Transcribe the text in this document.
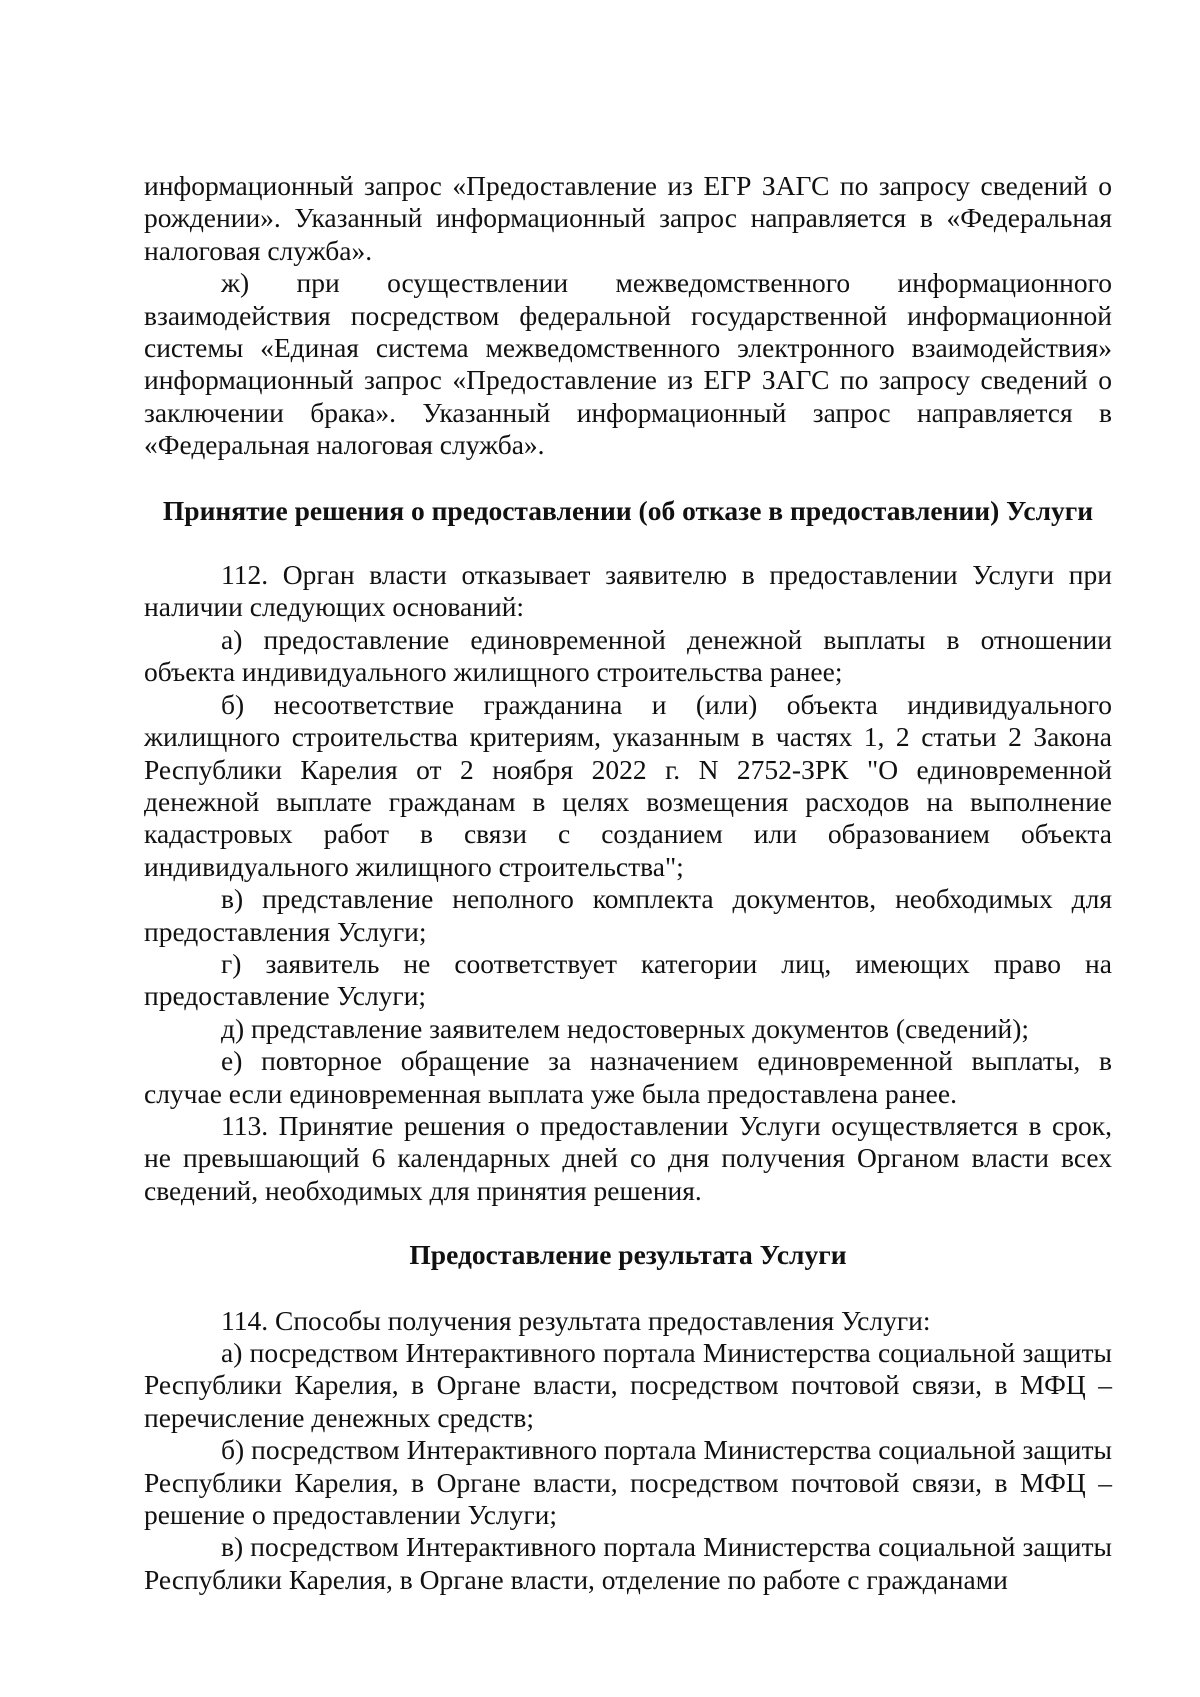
информационный запрос «Предоставление из ЕГР ЗАГС по запросу сведений о рождении». Указанный информационный запрос направляется в «Федеральная налоговая служба».

ж) при осуществлении межведомственного информационного взаимодействия посредством федеральной государственной информационной системы «Единая система межведомственного электронного взаимодействия» информационный запрос «Предоставление из ЕГР ЗАГС по запросу сведений о заключении брака». Указанный информационный запрос направляется в «Федеральная налоговая служба».

Принятие решения о предоставлении (об отказе в предоставлении) Услуги

112. Орган власти отказывает заявителю в предоставлении Услуги при наличии следующих оснований:

а) предоставление единовременной денежной выплаты в отношении объекта индивидуального жилищного строительства ранее;

б) несоответствие гражданина и (или) объекта индивидуального жилищного строительства критериям, указанным в частях 1, 2 статьи 2 Закона Республики Карелия от 2 ноября 2022 г. N 2752-ЗРК "О единовременной денежной выплате гражданам в целях возмещения расходов на выполнение кадастровых работ в связи с созданием или образованием объекта индивидуального жилищного строительства";

в) представление неполного комплекта документов, необходимых для предоставления Услуги;

г) заявитель не соответствует категории лиц, имеющих право на предоставление Услуги;

д) представление заявителем недостоверных документов (сведений);

е) повторное обращение за назначением единовременной выплаты, в случае если единовременная выплата уже была предоставлена ранее.

113. Принятие решения о предоставлении Услуги осуществляется в срок, не превышающий 6 календарных дней со дня получения Органом власти всех сведений, необходимых для принятия решения.

Предоставление результата Услуги

114. Способы получения результата предоставления Услуги:

а) посредством Интерактивного портала Министерства социальной защиты Республики Карелия, в Органе власти, посредством почтовой связи, в МФЦ – перечисление денежных средств;

б) посредством Интерактивного портала Министерства социальной защиты Республики Карелия, в Органе власти, посредством почтовой связи, в МФЦ – решение о предоставлении Услуги;

в) посредством Интерактивного портала Министерства социальной защиты Республики Карелия, в Органе власти, отделение по работе с гражданами
